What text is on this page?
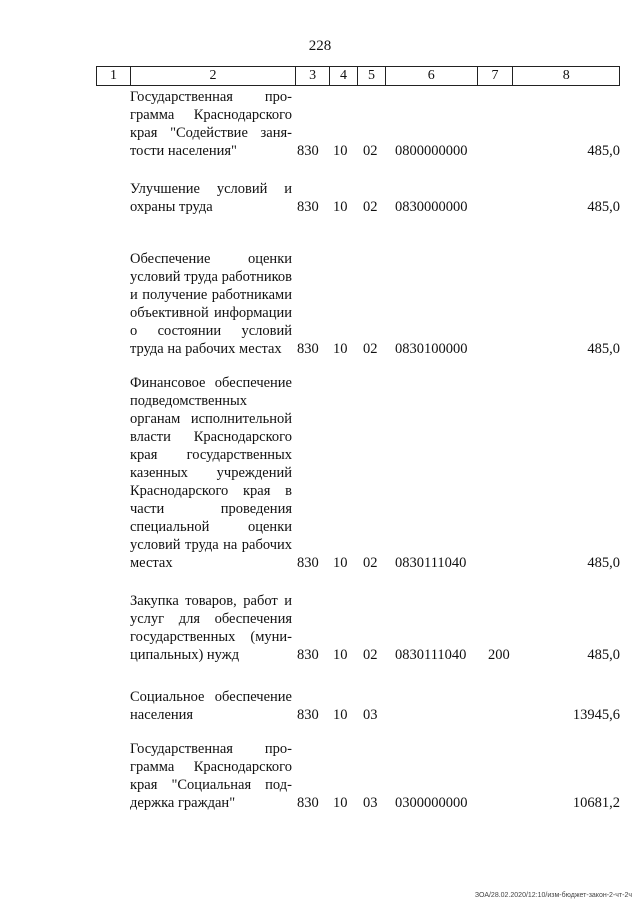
228
1	2	3	4	5	6	7	8
Государственная программа Краснодарского края "Содействие занятости населения"	830 10 02 0800000000	485,0
Улучшение условий и охраны труда	830 10 02 0830000000	485,0
Обеспечение оценки условий труда работников и получение работниками объективной информации о состоянии условий труда на рабочих местах	830 10 02 0830100000	485,0
Финансовое обеспечение подведомственных органам исполнительной власти Краснодарского края государственных казенных учреждений Краснодарского края в части проведения специальной оценки условий труда на рабочих местах	830 10 02 0830111040	485,0
Закупка товаров, работ и услуг для обеспечения государственных (муниципальных) нужд	830 10 02 0830111040 200	485,0
Социальное обеспечение населения	830 10 03	13945,6
Государственная программа Краснодарского края "Социальная поддержка граждан"	830 10 03 0300000000	10681,2
ЗОА/28.02.2020/12:10/изм-бюджет-закон-2-чт-2ч
